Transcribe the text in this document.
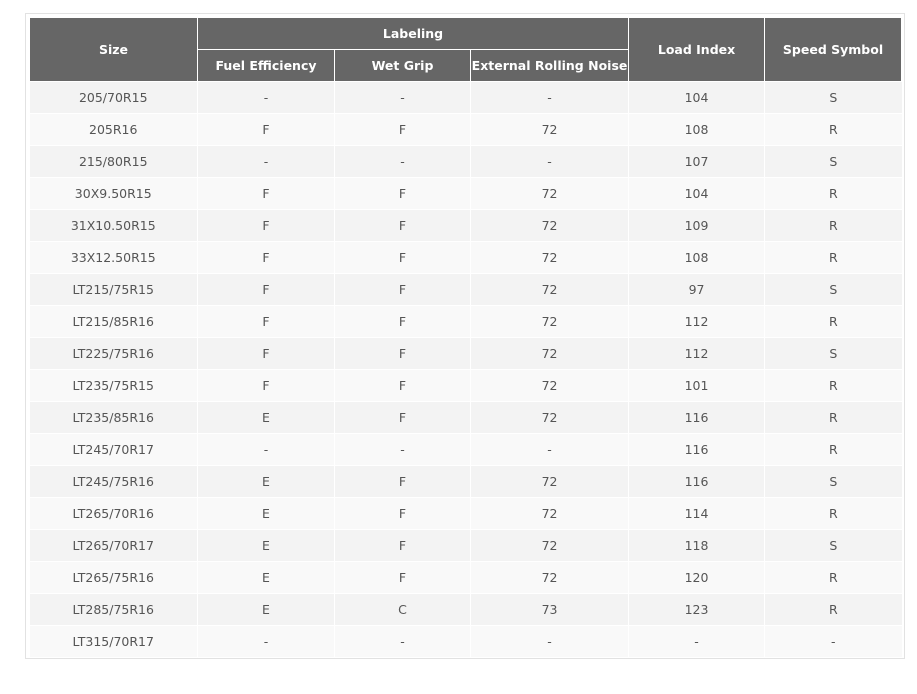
Size	Labeling			Load Index	Speed Symbol
	Fuel Efficiency	Wet Grip	External Rolling Noise		
205/70R15	-	-	-	104	S
205R16	F	F	72	108	R
215/80R15	-	-	-	107	S
30X9.50R15	F	F	72	104	R
31X10.50R15	F	F	72	109	R
33X12.50R15	F	F	72	108	R
LT215/75R15	F	F	72	97	S
LT215/85R16	F	F	72	112	R
LT225/75R16	F	F	72	112	S
LT235/75R15	F	F	72	101	R
LT235/85R16	E	F	72	116	R
LT245/70R17	-	-	-	116	R
LT245/75R16	E	F	72	116	S
LT265/70R16	E	F	72	114	R
LT265/70R17	E	F	72	118	S
LT265/75R16	E	F	72	120	R
LT285/75R16	E	C	73	123	R
LT315/70R17	-	-	-	-	-
